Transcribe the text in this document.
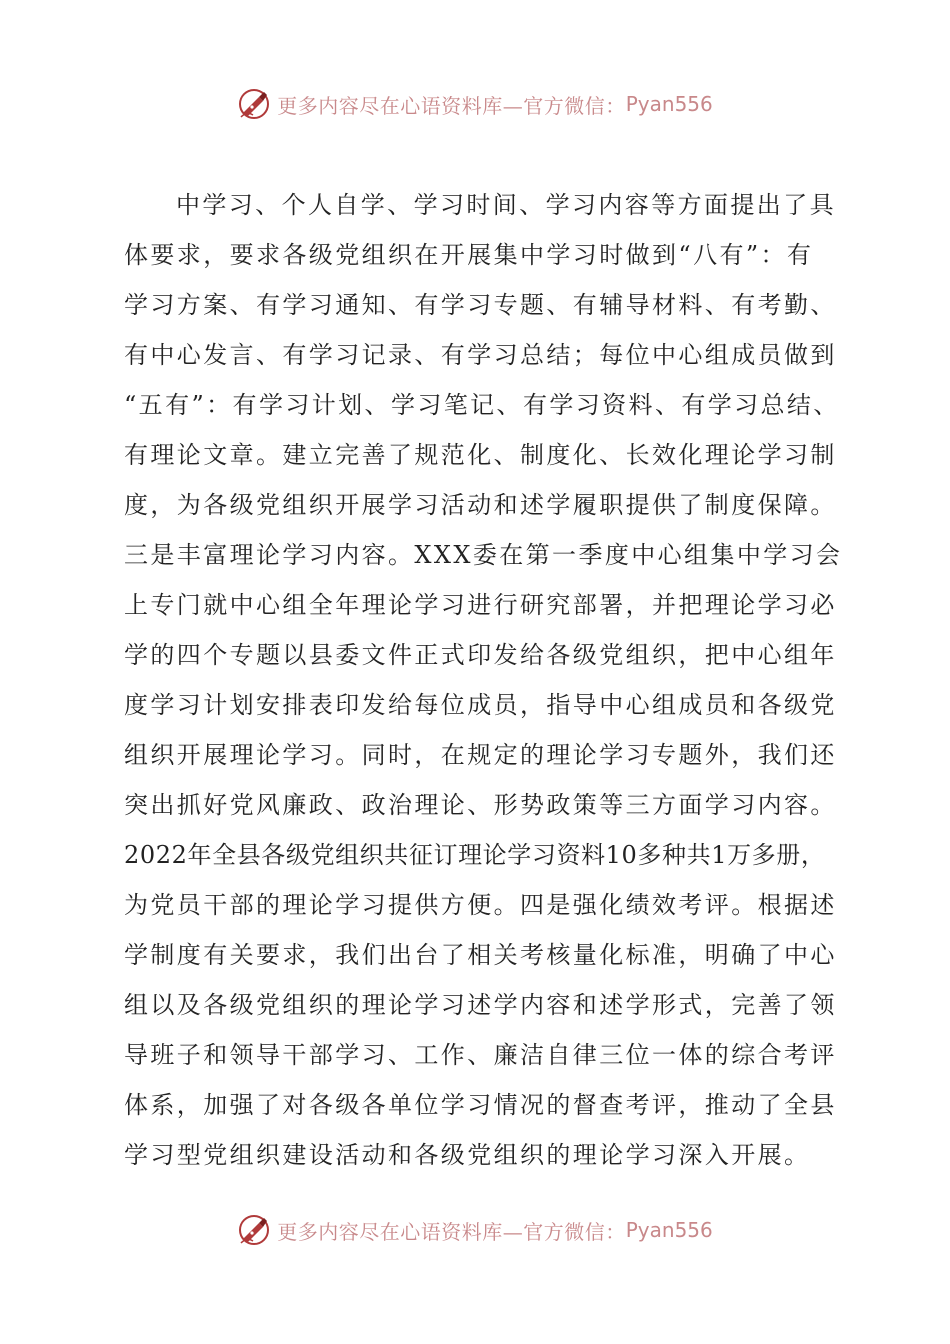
更多内容尽在心语资料库—官方微信： Pyan556
中学习、个人自学、学习时间、学习内容等方面提出了具
体要求，要求各级党组织在开展集中学习时做到“八有”：有
学习方案、有学习通知、有学习专题、有辅导材料、有考勤、
有中心发言、有学习记录、有学习总结；每位中心组成员做到
“五有”：有学习计划、学习笔记、有学习资料、有学习总结、
有理论文章。建立完善了规范化、制度化、长效化理论学习制
度，为各级党组织开展学习活动和述学履职提供了制度保障。
三是丰富理论学习内容。XXX委在第一季度中心组集中学习会
上专门就中心组全年理论学习进行研究部署，并把理论学习必
学的四个专题以县委文件正式印发给各级党组织，把中心组年
度学习计划安排表印发给每位成员，指导中心组成员和各级党
组织开展理论学习。同时，在规定的理论学习专题外，我们还
突出抓好党风廉政、政治理论、形势政策等三方面学习内容。
2022年全县各级党组织共征订理论学习资料10多种共1万多册，
为党员干部的理论学习提供方便。四是强化绩效考评。根据述
学制度有关要求，我们出台了相关考核量化标准，明确了中心
组以及各级党组织的理论学习述学内容和述学形式，完善了领
导班子和领导干部学习、工作、廉洁自律三位一体的综合考评
体系，加强了对各级各单位学习情况的督查考评，推动了全县
学习型党组织建设活动和各级党组织的理论学习深入开展。
更多内容尽在心语资料库—官方微信： Pyan556
